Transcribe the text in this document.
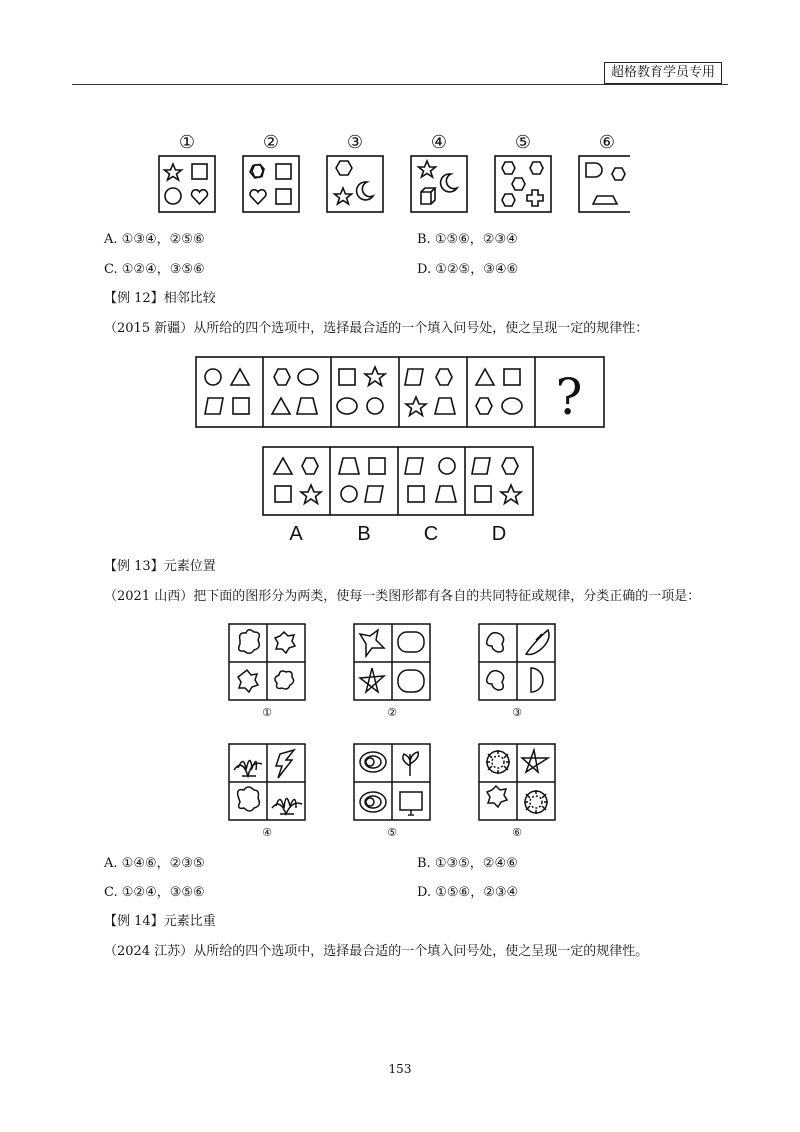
超格教育学员专用
①	②	③	④	⑤	⑥
A. ①③④，②⑤⑥	B. ①⑤⑥，②③④
C. ①②④，③⑤⑥	D. ①②⑤，③④⑥
【例 12】相邻比较
（2015 新疆）从所给的四个选项中，选择最合适的一个填入问号处，使之呈现一定的规律性：
?
A	B	C	D
【例 13】元素位置
（2021 山西）把下面的图形分为两类，使每一类图形都有各自的共同特征或规律，分类正确的一项是：
①	②	③
④	⑤	⑥
A. ①④⑥，②③⑤	B. ①③⑤，②④⑥
C. ①②④，③⑤⑥	D. ①⑤⑥，②③④
【例 14】元素比重
（2024 江苏）从所给的四个选项中，选择最合适的一个填入问号处，使之呈现一定的规律性。
153
